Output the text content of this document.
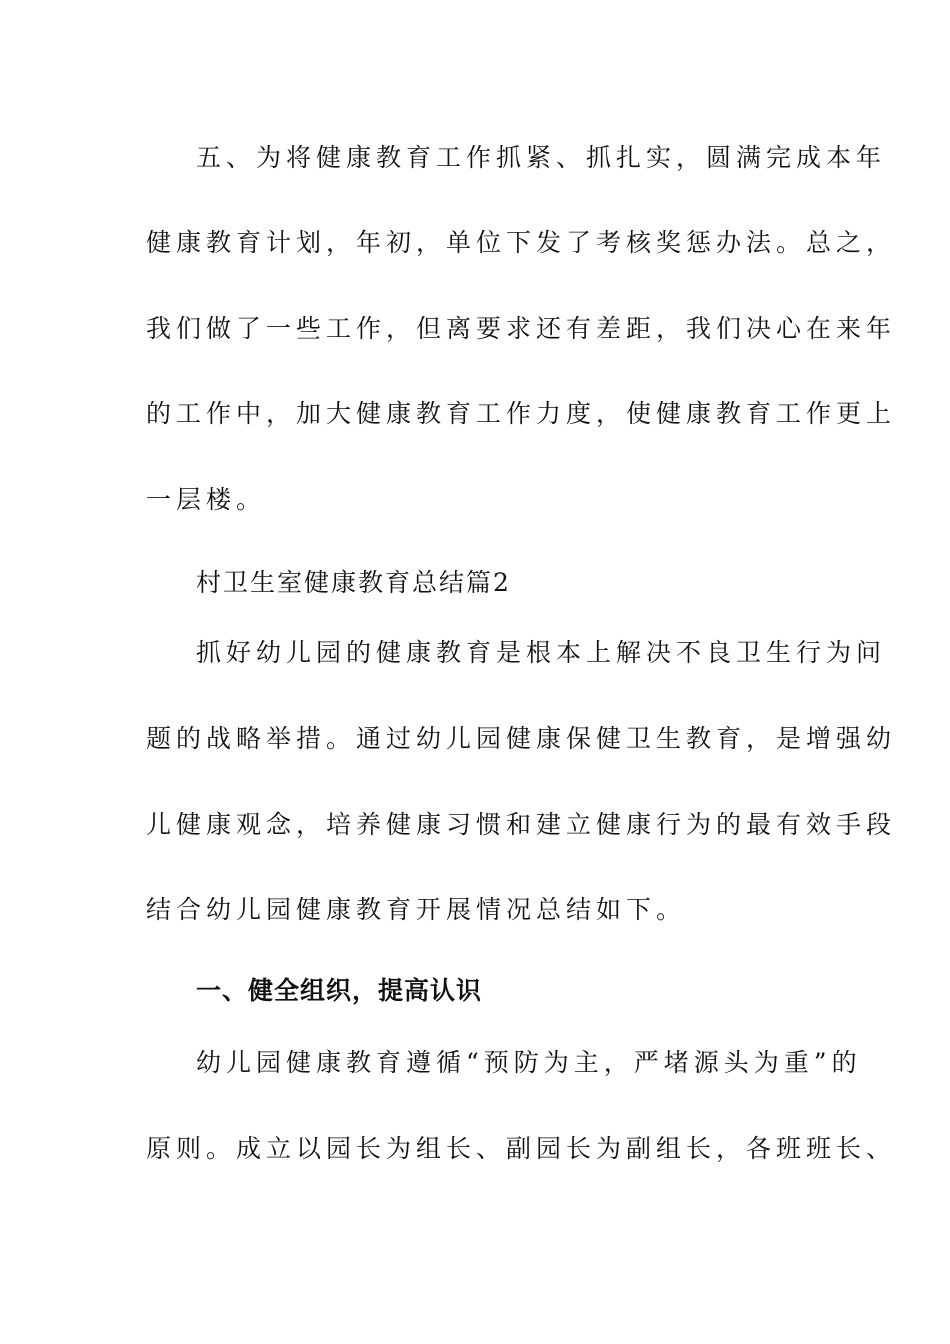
五、为将健康教育工作抓紧、抓扎实，圆满完成本年
健康教育计划，年初，单位下发了考核奖惩办法。总之，
我们做了一些工作，但离要求还有差距，我们决心在来年
的工作中，加大健康教育工作力度，使健康教育工作更上
一层楼。
村卫生室健康教育总结篇2
抓好幼儿园的健康教育是根本上解决不良卫生行为问
题的战略举措。通过幼儿园健康保健卫生教育，是增强幼
儿健康观念，培养健康习惯和建立健康行为的最有效手段
结合幼儿园健康教育开展情况总结如下。
一、健全组织，提高认识
幼儿园健康教育遵循“预防为主，严堵源头为重”的
原则。成立以园长为组长、副园长为副组长，各班班长、
